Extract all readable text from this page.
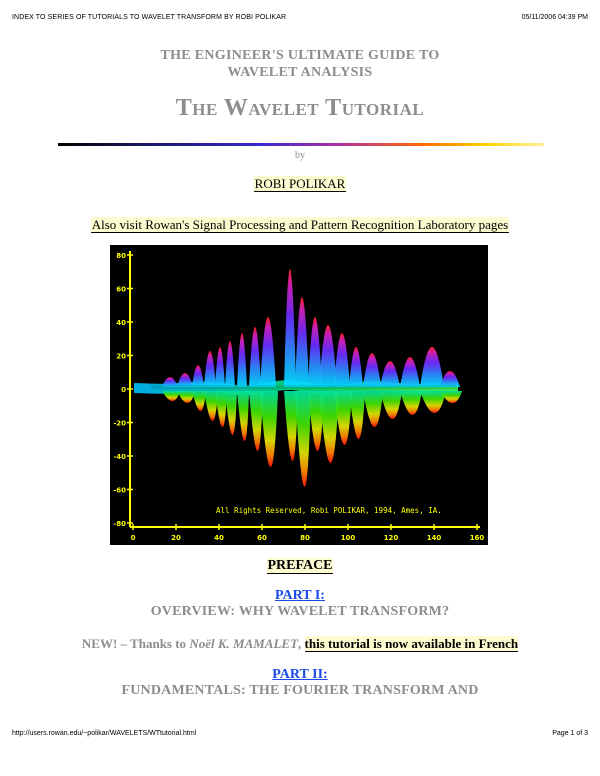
INDEX TO SERIES OF TUTORIALS TO WAVELET TRANSFORM BY ROBI POLIKAR	05/11/2006 04:39 PM
THE ENGINEER'S ULTIMATE GUIDE TO
WAVELET ANALYSIS
The Wavelet Tutorial
by
ROBI POLIKAR
Also visit Rowan's Signal Processing and Pattern Recognition Laboratory pages
80
60
40
20
0
-20
-40
-60
-80
0	20	40	60	80	100	120	140	160
All Rights Reserved, Robi POLIKAR, 1994, Ames, IA.
PREFACE
PART I:
OVERVIEW: WHY WAVELET TRANSFORM?
NEW! – Thanks to Noël K. MAMALET, this tutorial is now available in French
PART II:
FUNDAMENTALS: THE FOURIER TRANSFORM AND
http://users.rowan.edu/~polikar/WAVELETS/WTtutorial.html	Page 1 of 3
